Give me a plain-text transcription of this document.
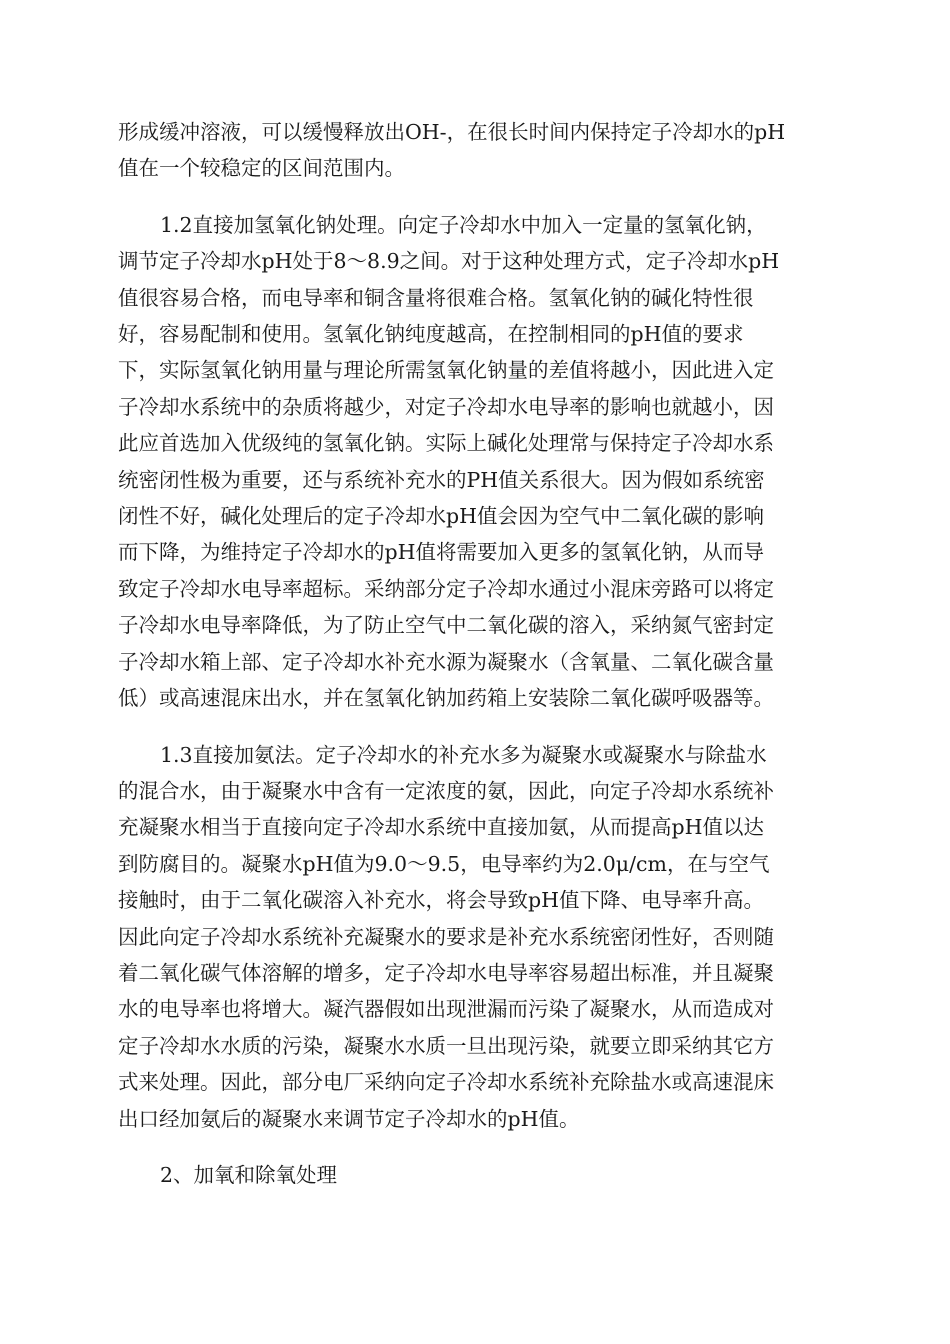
形成缓冲溶液，可以缓慢释放出OH-，在很长时间内保持定子冷却水的pH
值在一个较稳定的区间范围内。
1.2直接加氢氧化钠处理。向定子冷却水中加入一定量的氢氧化钠，
调节定子冷却水pH处于8～8.9之间。对于这种处理方式，定子冷却水pH
值很容易合格，而电导率和铜含量将很难合格。氢氧化钠的碱化特性很
好，容易配制和使用。氢氧化钠纯度越高，在控制相同的pH值的要求
下，实际氢氧化钠用量与理论所需氢氧化钠量的差值将越小，因此进入定
子冷却水系统中的杂质将越少，对定子冷却水电导率的影响也就越小，因
此应首选加入优级纯的氢氧化钠。实际上碱化处理常与保持定子冷却水系
统密闭性极为重要，还与系统补充水的PH值关系很大。因为假如系统密
闭性不好，碱化处理后的定子冷却水pH值会因为空气中二氧化碳的影响
而下降，为维持定子冷却水的pH值将需要加入更多的氢氧化钠，从而导
致定子冷却水电导率超标。采纳部分定子冷却水通过小混床旁路可以将定
子冷却水电导率降低，为了防止空气中二氧化碳的溶入，采纳氮气密封定
子冷却水箱上部、定子冷却水补充水源为凝聚水（含氧量、二氧化碳含量
低）或高速混床出水，并在氢氧化钠加药箱上安装除二氧化碳呼吸器等。
1.3直接加氨法。定子冷却水的补充水多为凝聚水或凝聚水与除盐水
的混合水，由于凝聚水中含有一定浓度的氨，因此，向定子冷却水系统补
充凝聚水相当于直接向定子冷却水系统中直接加氨，从而提高pH值以达
到防腐目的。凝聚水pH值为9.0～9.5，电导率约为2.0μ/cm，在与空气
接触时，由于二氧化碳溶入补充水，将会导致pH值下降、电导率升高。
因此向定子冷却水系统补充凝聚水的要求是补充水系统密闭性好，否则随
着二氧化碳气体溶解的增多，定子冷却水电导率容易超出标准，并且凝聚
水的电导率也将增大。凝汽器假如出现泄漏而污染了凝聚水，从而造成对
定子冷却水水质的污染，凝聚水水质一旦出现污染，就要立即采纳其它方
式来处理。因此，部分电厂采纳向定子冷却水系统补充除盐水或高速混床
出口经加氨后的凝聚水来调节定子冷却水的pH值。
2、加氧和除氧处理
